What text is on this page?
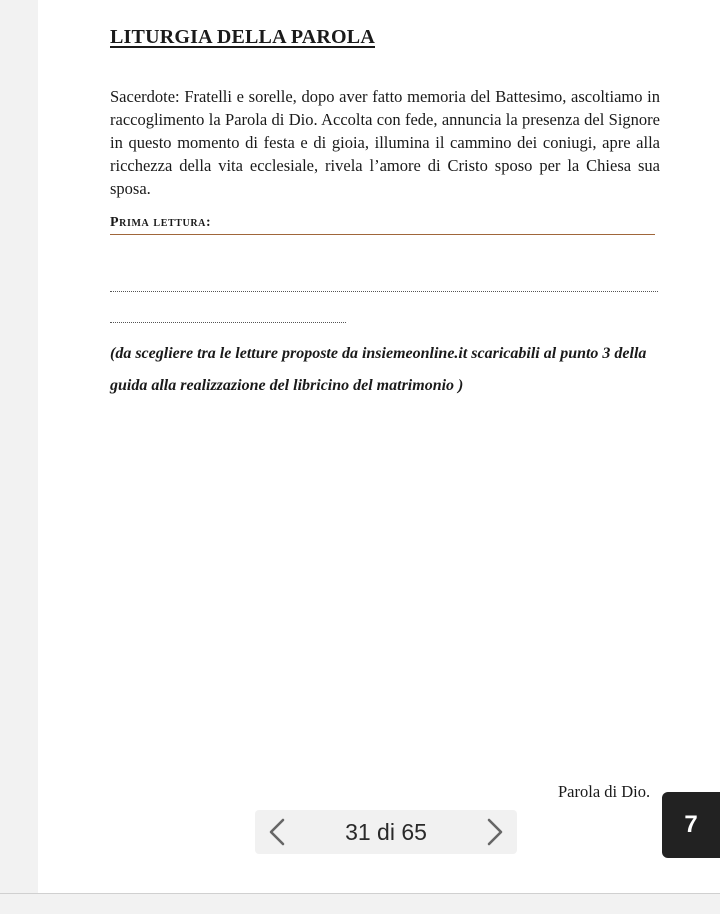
LITURGIA DELLA PAROLA
Sacerdote: Fratelli e sorelle, dopo aver fatto memoria del Battesimo, ascoltiamo in raccoglimento la Parola di Dio. Accolta con fede, annuncia la presenza del Signore in questo momento di festa e di gioia, illumina il cammino dei coniugi, apre alla ricchezza della vita ecclesiale, rivela l’amore di Cristo sposo per la Chiesa sua sposa.
Prima lettura:
(da scegliere tra le letture proposte da insiemeonline.it scaricabili al punto 3 della guida alla realizzazione del libricino del matrimonio )
Parola di Dio.
7
31 di 65
